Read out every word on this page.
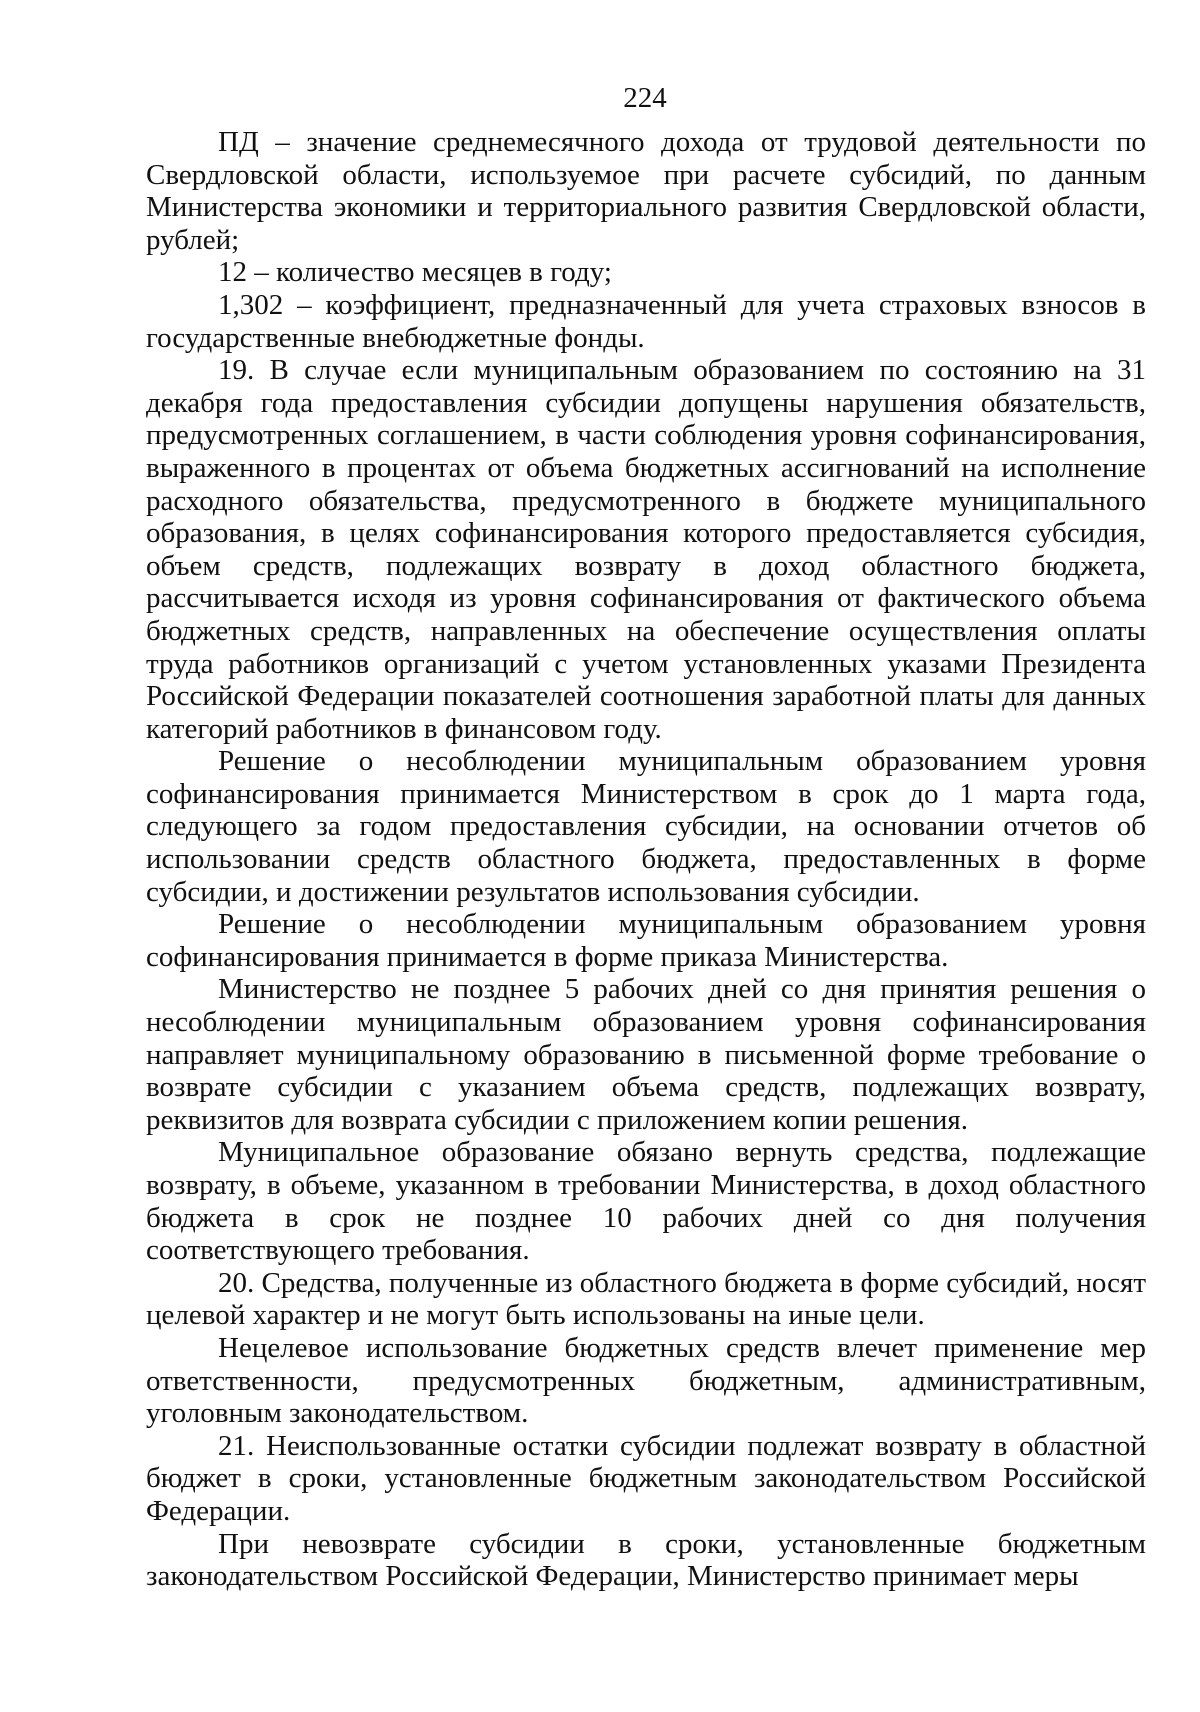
224

ПД – значение среднемесячного дохода от трудовой деятельности по Свердловской области, используемое при расчете субсидий, по данным Министерства экономики и территориального развития Свердловской области, рублей;

12 – количество месяцев в году;

1,302 – коэффициент, предназначенный для учета страховых взносов в государственные внебюджетные фонды.

19. В случае если муниципальным образованием по состоянию на 31 декабря года предоставления субсидии допущены нарушения обязательств, предусмотренных соглашением, в части соблюдения уровня софинансирования, выраженного в процентах от объема бюджетных ассигнований на исполнение расходного обязательства, предусмотренного в бюджете муниципального образования, в целях софинансирования которого предоставляется субсидия, объем средств, подлежащих возврату в доход областного бюджета, рассчитывается исходя из уровня софинансирования от фактического объема бюджетных средств, направленных на обеспечение осуществления оплаты труда работников организаций с учетом установленных указами Президента Российской Федерации показателей соотношения заработной платы для данных категорий работников в финансовом году.

Решение о несоблюдении муниципальным образованием уровня софинансирования принимается Министерством в срок до 1 марта года, следующего за годом предоставления субсидии, на основании отчетов об использовании средств областного бюджета, предоставленных в форме субсидии, и достижении результатов использования субсидии.

Решение о несоблюдении муниципальным образованием уровня софинансирования принимается в форме приказа Министерства.

Министерство не позднее 5 рабочих дней со дня принятия решения о несоблюдении муниципальным образованием уровня софинансирования направляет муниципальному образованию в письменной форме требование о возврате субсидии с указанием объема средств, подлежащих возврату, реквизитов для возврата субсидии с приложением копии решения.

Муниципальное образование обязано вернуть средства, подлежащие возврату, в объеме, указанном в требовании Министерства, в доход областного бюджета в срок не позднее 10 рабочих дней со дня получения соответствующего требования.

20. Средства, полученные из областного бюджета в форме субсидий, носят целевой характер и не могут быть использованы на иные цели.

Нецелевое использование бюджетных средств влечет применение мер ответственности, предусмотренных бюджетным, административным, уголовным законодательством.

21. Неиспользованные остатки субсидии подлежат возврату в областной бюджет в сроки, установленные бюджетным законодательством Российской Федерации.

При невозврате субсидии в сроки, установленные бюджетным законодательством Российской Федерации, Министерство принимает меры
